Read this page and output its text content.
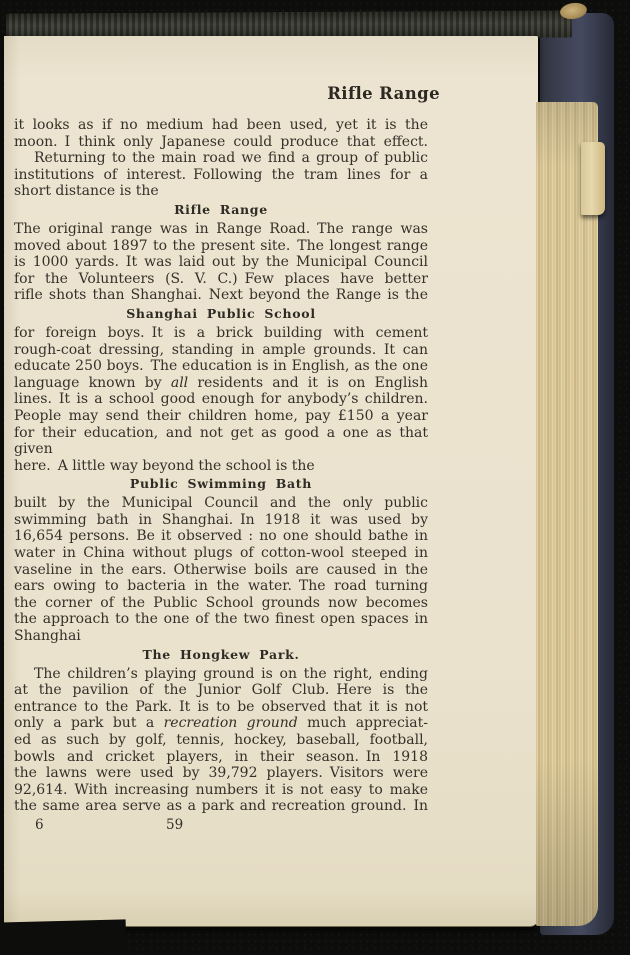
Rifle Range
it looks as if no medium had been used, yet it is the
moon. I think only Japanese could produce that effect.
Returning to the main road we find a group of public
institutions of interest. Following the tram lines for a
short distance is the
Rifle Range
The original range was in Range Road. The range was
moved about 1897 to the present site. The longest range
is 1000 yards. It was laid out by the Municipal Council
for the Volunteers (S. V. C.) Few places have better
rifle shots than Shanghai. Next beyond the Range is the
Shanghai Public School
for foreign boys. It is a brick building with cement
rough-coat dressing, standing in ample grounds. It can
educate 250 boys. The education is in English, as the one
language known by all residents and it is on English
lines. It is a school good enough for anybody’s children.
People may send their children home, pay £150 a year
for their education, and not get as good a one as that given
here. A little way beyond the school is the
Public Swimming Bath
built by the Municipal Council and the only public
swimming bath in Shanghai. In 1918 it was used by
16,654 persons. Be it observed : no one should bathe in
water in China without plugs of cotton-wool steeped in
vaseline in the ears. Otherwise boils are caused in the
ears owing to bacteria in the water. The road turning
the corner of the Public School grounds now becomes
the approach to the one of the two finest open spaces in
Shanghai
The Hongkew Park.
The children’s playing ground is on the right, ending
at the pavilion of the Junior Golf Club. Here is the
entrance to the Park. It is to be observed that it is not
only a park but a recreation ground much appreciat-
ed as such by golf, tennis, hockey, baseball, football,
bowls and cricket players, in their season. In 1918
the lawns were used by 39,792 players. Visitors were
92,614. With increasing numbers it is not easy to make
the same area serve as a park and recreation ground. In
6	59
